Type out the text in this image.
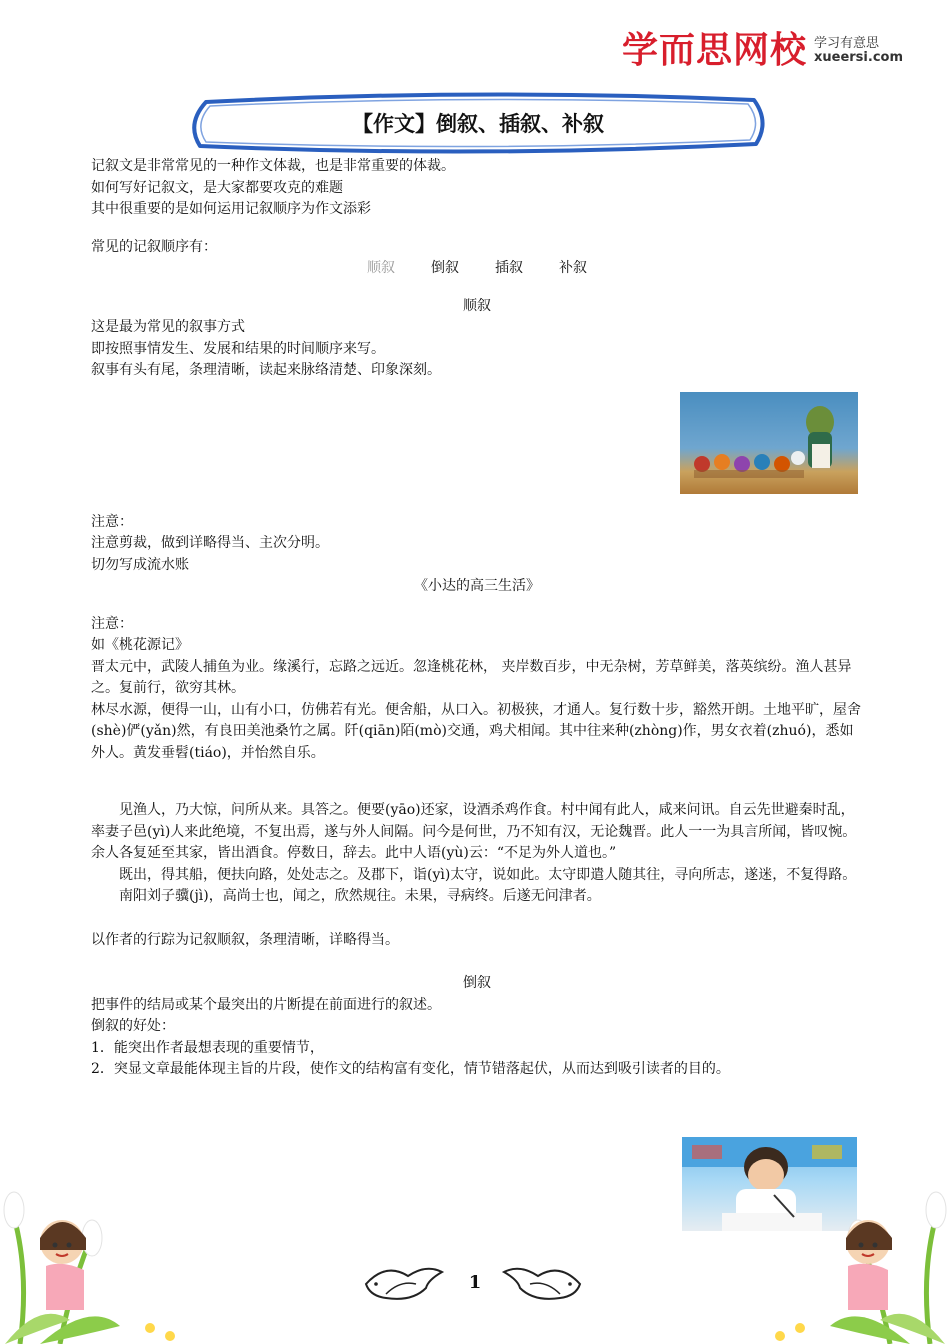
学而思网校 学习有意思
xueersi.com
【作文】倒叙、插叙、补叙

记叙文是非常常见的一种作文体裁，也是非常重要的体裁。

如何写好记叙文，是大家都要攻克的难题

其中很重要的是如何运用记叙顺序为作文添彩

常见的记叙顺序有：

顺叙	倒叙	插叙	补叙

顺叙

这是最为常见的叙事方式

即按照事情发生、发展和结果的时间顺序来写。

叙事有头有尾，条理清晰，读起来脉络清楚、印象深刻。

注意：

注意剪裁，做到详略得当、主次分明。

切勿写成流水账

《小达的高三生活》

注意：

如《桃花源记》

晋太元中，武陵人捕鱼为业。缘溪行，忘路之远近。忽逢桃花林， 夹岸数百步，中无杂树，芳草鲜美，落英缤纷。渔人甚异之。复前行，欲穷其林。

林尽水源，便得一山，山有小口，仿佛若有光。便舍船，从口入。初极狭，才通人。复行数十步，豁然开朗。土地平旷，屋舍(shè)俨(yǎn)然，有良田美池桑竹之属。阡(qiān)陌(mò)交通，鸡犬相闻。其中往来种(zhòng)作，男女衣着(zhuó)，悉如外人。黄发垂髫(tiáo)，并怡然自乐。

见渔人，乃大惊，问所从来。具答之。便要(yāo)还家，设酒杀鸡作食。村中闻有此人，咸来问讯。自云先世避秦时乱，率妻子邑(yì)人来此绝境，不复出焉，遂与外人间隔。问今是何世，乃不知有汉，无论魏晋。此人一一为具言所闻，皆叹惋。余人各复延至其家，皆出酒食。停数日，辞去。此中人语(yù)云：“不足为外人道也。”

既出，得其船，便扶向路，处处志之。及郡下，诣(yì)太守，说如此。太守即遣人随其往，寻向所志，遂迷，不复得路。

南阳刘子骥(jì)，高尚士也，闻之，欣然规往。未果，寻病终。后遂无问津者。

以作者的行踪为记叙顺叙，条理清晰，详略得当。

倒叙

把事件的结局或某个最突出的片断提在前面进行的叙述。

倒叙的好处：

1．能突出作者最想表现的重要情节，

2．突显文章最能体现主旨的片段，使作文的结构富有变化，情节错落起伏，从而达到吸引读者的目的。

1
